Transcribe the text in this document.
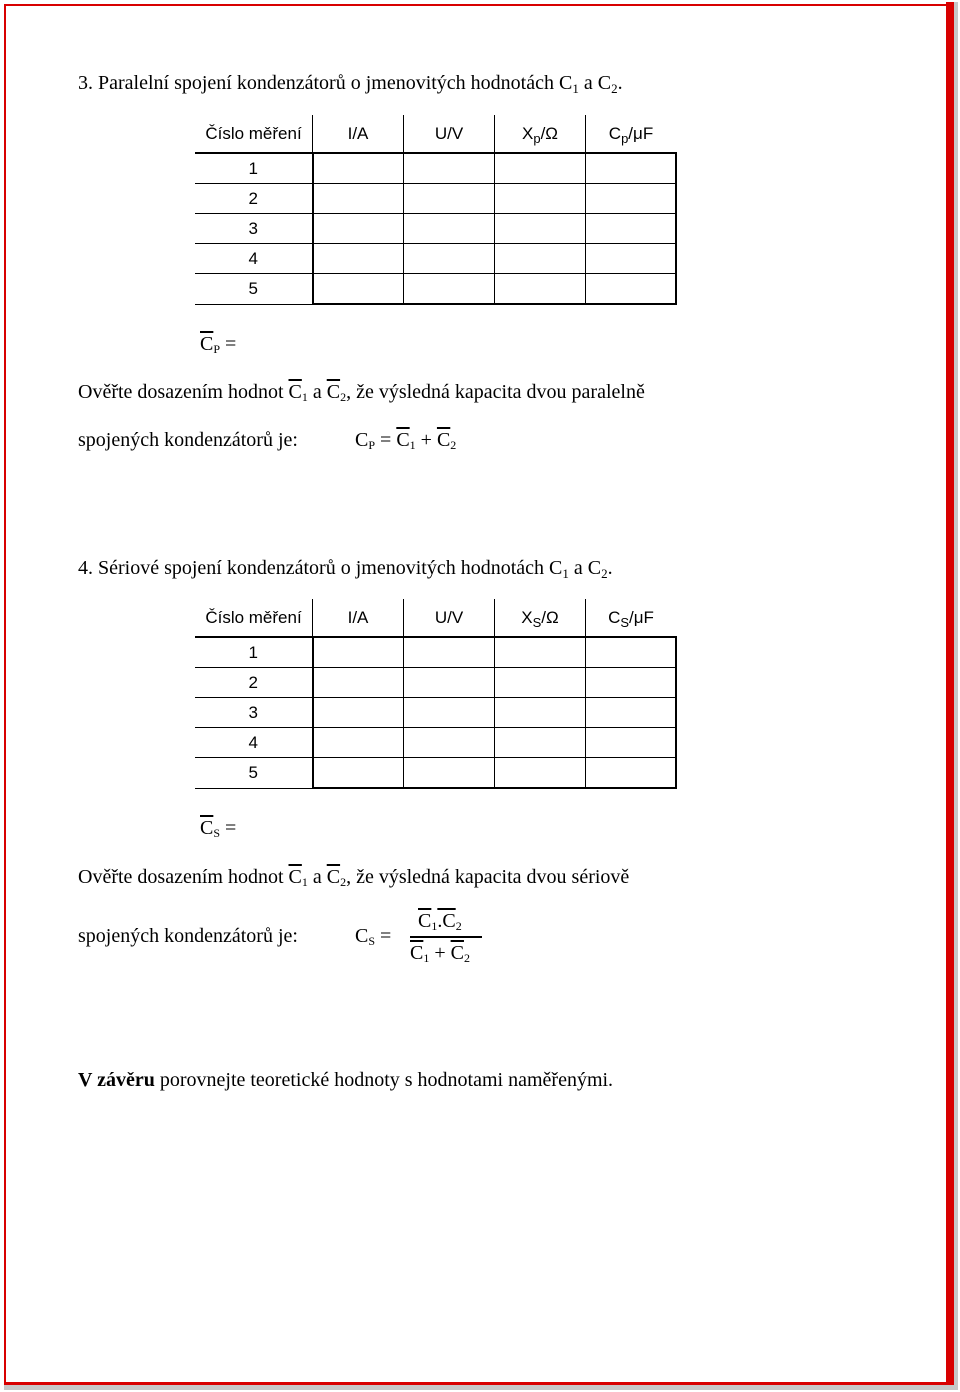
3. Paralelní spojení kondenzátorů o jmenovitých hodnotách $C_1$ a $C_2$.
Číslo měření	I/A	U/V	$X_p/\Omega$	$C_p/\mu F$
1				
2				
3				
4				
5				
$\overline{C}P$ =
Ověřte dosazením hodnot $\overline{C}1$ a $\overline{C}2$, že výsledná kapacita dvou paralelně
spojených kondenzátorů je:	CP = $\overline{C}1 + \overline{C}2$
4. Sériové spojení kondenzátorů o jmenovitých hodnotách $C_1$ a $C_2$.
Číslo měření	I/A	U/V	$X_S/\Omega$	$C_S/\mu F$
1				
2				
3				
4				
5				
$\overline{C}S$ =
Ověřte dosazením hodnot $\overline{C}1$ a $\overline{C}2$, že výsledná kapacita dvou sériově
spojených kondenzátorů je:	CS =
$\overline{C}1.C2$
$\overline{C}1 + \overline{C}2$
V závěru porovnejte teoretické hodnoty s hodnotami naměřenými.
